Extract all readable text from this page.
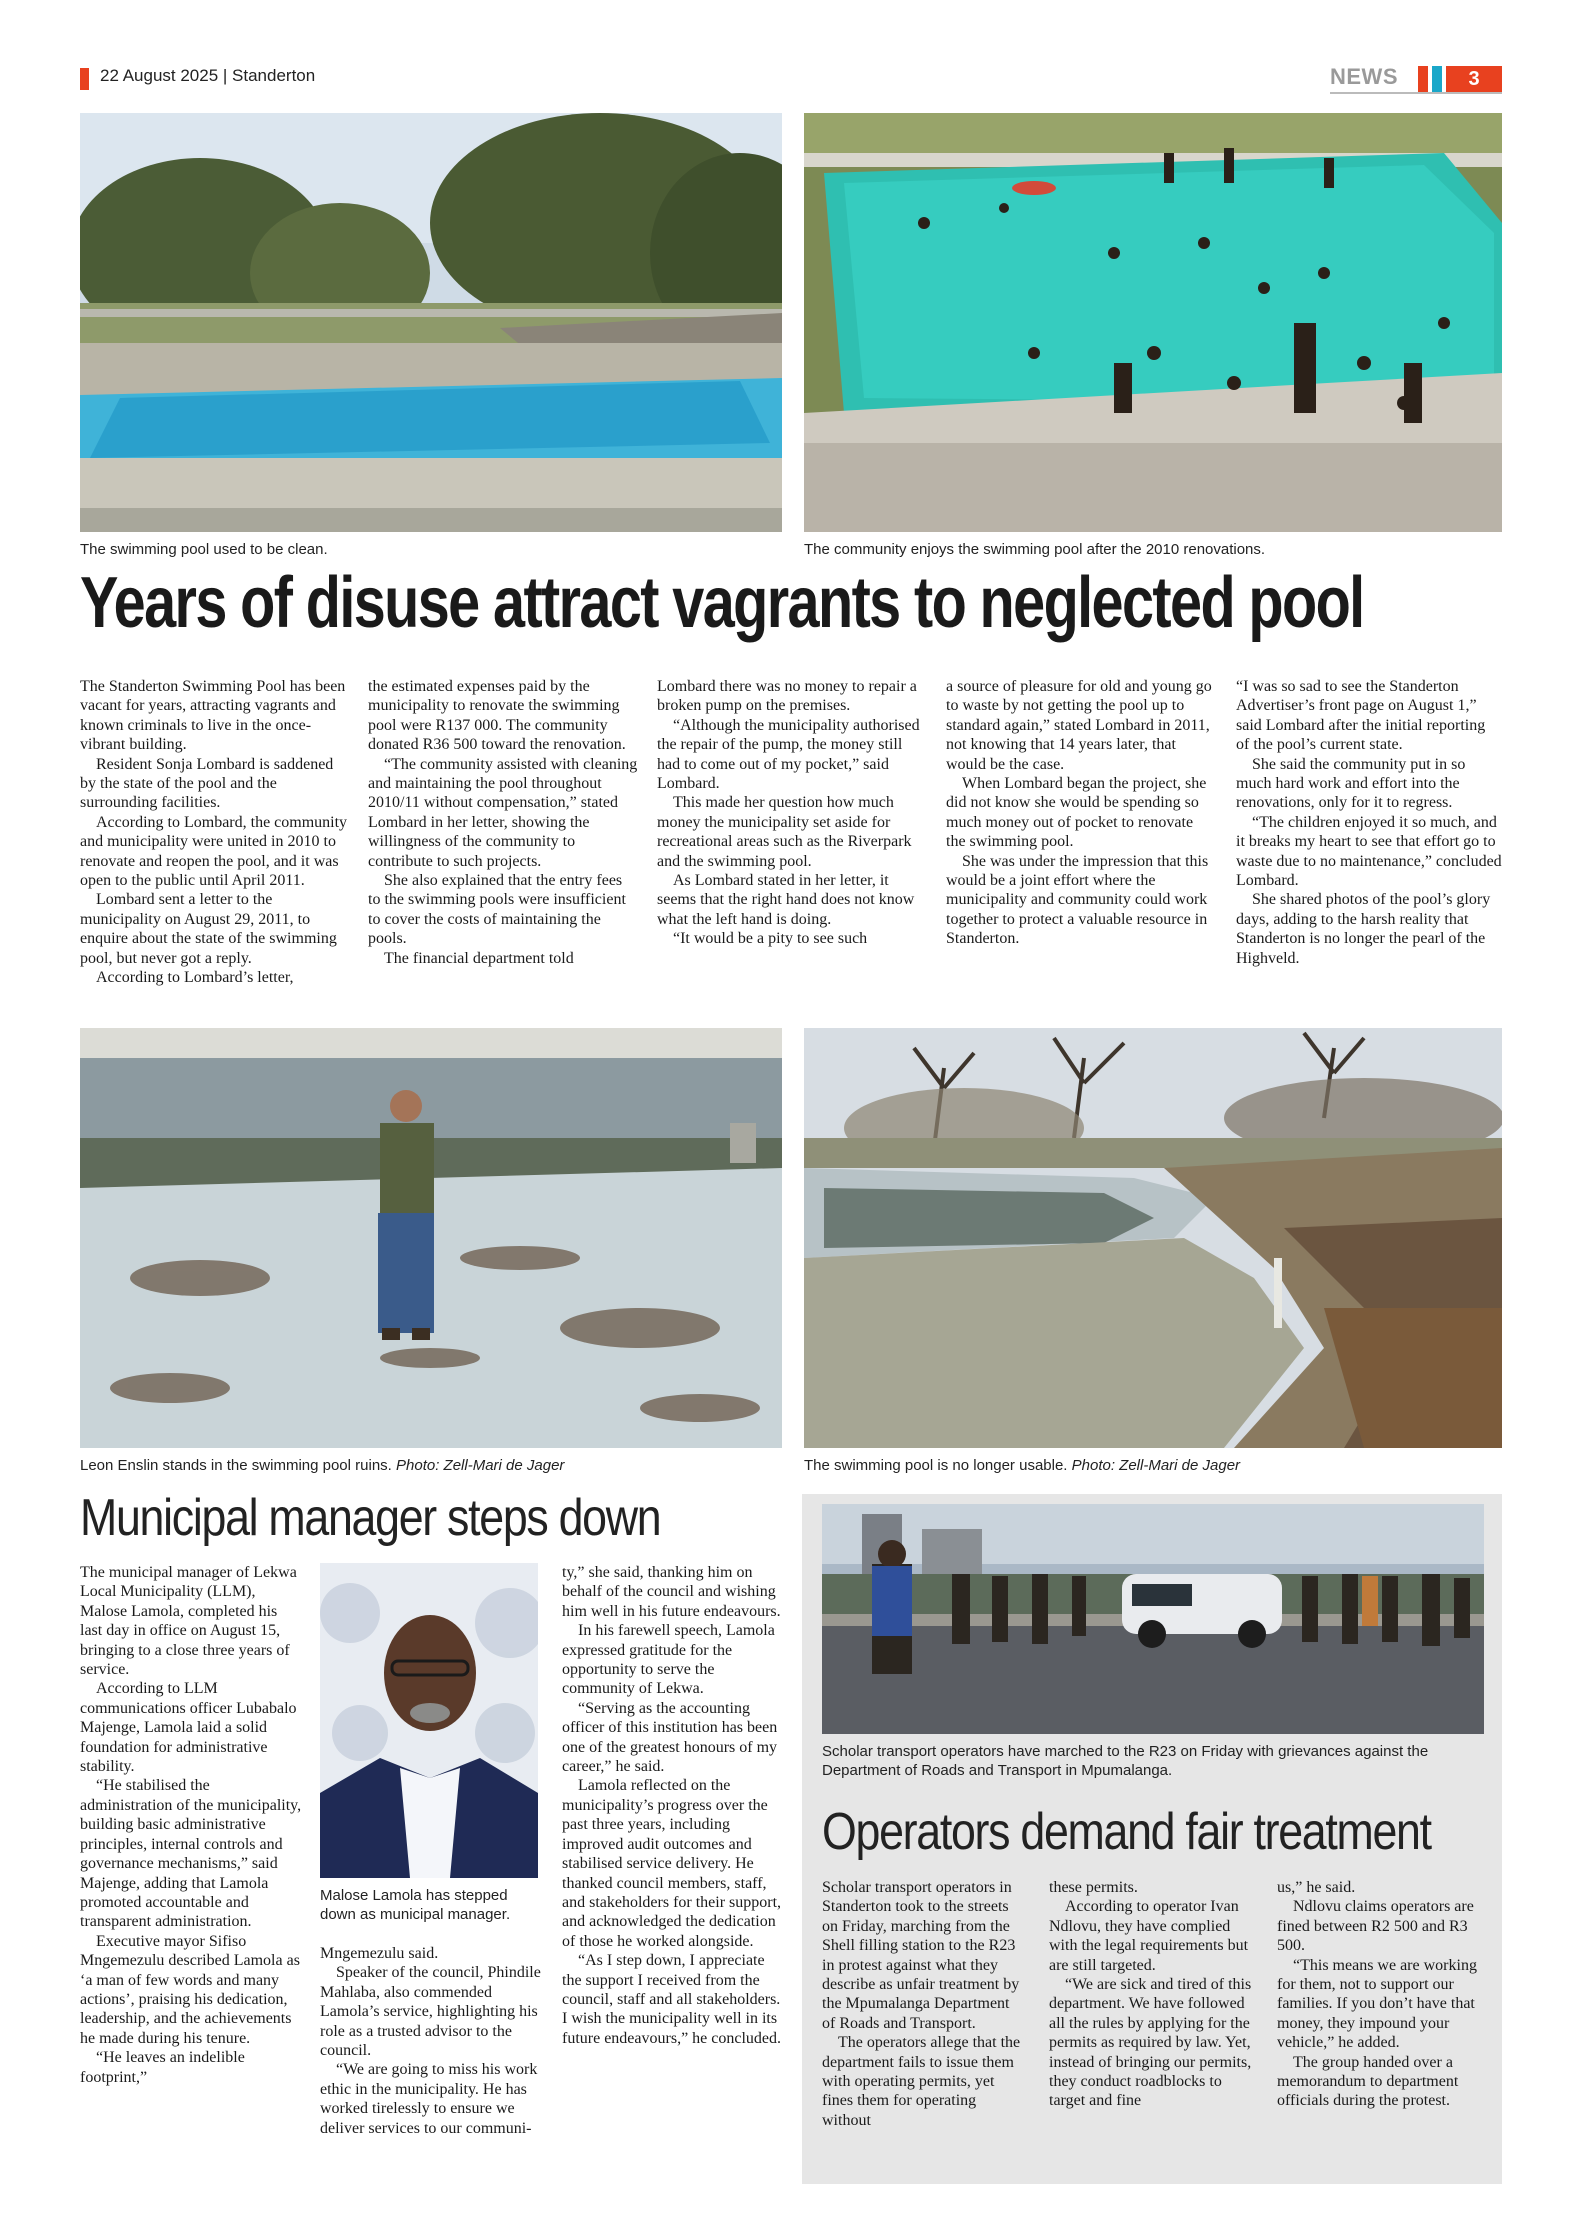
22 August 2025 | Standerton	NEWS	3
The swimming pool used to be clean.	The community enjoys the swimming pool after the 2010 renovations.
Years of disuse attract vagrants to neglected pool

The Standerton Swimming Pool has been vacant for years, attracting vagrants and known criminals to live in the once-vibrant building.

Resident Sonja Lombard is saddened by the state of the pool and the surrounding facilities.

According to Lombard, the community and municipality were united in 2010 to renovate and reopen the pool, and it was open to the public until April 2011.

Lombard sent a letter to the municipality on August 29, 2011, to enquire about the state of the swimming pool, but never got a reply.

According to Lombard’s letter,

the estimated expenses paid by the municipality to renovate the swimming pool were R137 000. The community donated R36 500 toward the renovation.

“The community assisted with cleaning and maintaining the pool throughout 2010/11 without compensation,” stated Lombard in her letter, showing the willingness of the community to contribute to such projects.

She also explained that the entry fees to the swimming pools were insufficient to cover the costs of maintaining the pools.

The financial department told

Lombard there was no money to repair a broken pump on the premises.

“Although the municipality authorised the repair of the pump, the money still had to come out of my pocket,” said Lombard.

This made her question how much money the municipality set aside for recreational areas such as the Riverpark and the swimming pool.

As Lombard stated in her letter, it seems that the right hand does not know what the left hand is doing.

“It would be a pity to see such

a source of pleasure for old and young go to waste by not getting the pool up to standard again,” stated Lombard in 2011, not knowing that 14 years later, that would be the case.

When Lombard began the project, she did not know she would be spending so much money out of pocket to renovate the swimming pool.

She was under the impression that this would be a joint effort where the municipality and community could work together to protect a valuable resource in Standerton.

“I was so sad to see the Standerton Advertiser’s front page on August 1,” said Lombard after the initial reporting of the pool’s current state.

She said the community put in so much hard work and effort into the renovations, only for it to regress.

“The children enjoyed it so much, and it breaks my heart to see that effort go to waste due to no maintenance,” concluded Lombard.

She shared photos of the pool’s glory days, adding to the harsh reality that Standerton is no longer the pearl of the Highveld.

Leon Enslin stands in the swimming pool ruins. Photo: Zell-Mari de Jager	The swimming pool is no longer usable. Photo: Zell-Mari de Jager
Municipal manager steps down

The municipal manager of Lekwa Local Municipality (LLM), Malose Lamola, completed his last day in office on August 15, bringing to a close three years of service.

According to LLM communications officer Lubabalo Majenge, Lamola laid a solid foundation for administrative stability.

“He stabilised the administration of the municipality, building basic administrative principles, internal controls and governance mechanisms,” said Majenge, adding that Lamola promoted accountable and transparent administration.

Executive mayor Sifiso Mngemezulu described Lamola as ‘a man of few words and many actions’, praising his dedication, leadership, and the achievements he made during his tenure.

“He leaves an indelible footprint,”

Malose Lamola has stepped down as municipal manager.

Mngemezulu said.

Speaker of the council, Phindile Mahlaba, also commended Lamola’s service, highlighting his role as a trusted advisor to the council.

“We are going to miss his work ethic in the municipality. He has worked tirelessly to ensure we deliver services to our communi-

ty,” she said, thanking him on behalf of the council and wishing him well in his future endeavours.

In his farewell speech, Lamola expressed gratitude for the opportunity to serve the community of Lekwa.

“Serving as the accounting officer of this institution has been one of the greatest honours of my career,” he said.

Lamola reflected on the municipality’s progress over the past three years, including improved audit outcomes and stabilised service delivery. He thanked council members, staff, and stakeholders for their support, and acknowledged the dedication of those he worked alongside.

“As I step down, I appreciate the support I received from the council, staff and all stakeholders. I wish the municipality well in its future endeavours,” he concluded.

Scholar transport operators have marched to the R23 on Friday with grievances against the Department of Roads and Transport in Mpumalanga.
Operators demand fair treatment

Scholar transport operators in Standerton took to the streets on Friday, marching from the Shell filling station to the R23 in protest against what they describe as unfair treatment by the Mpumalanga Department of Roads and Transport.

The operators allege that the department fails to issue them with operating permits, yet fines them for operating without

these permits.

According to operator Ivan Ndlovu, they have complied with the legal requirements but are still targeted.

“We are sick and tired of this department. We have followed all the rules by applying for the permits as required by law. Yet, instead of bringing our permits, they conduct roadblocks to target and fine

us,” he said.

Ndlovu claims operators are fined between R2 500 and R3 500.

“This means we are working for them, not to support our families. If you don’t have that money, they impound your vehicle,” he added.

The group handed over a memorandum to department officials during the protest.
